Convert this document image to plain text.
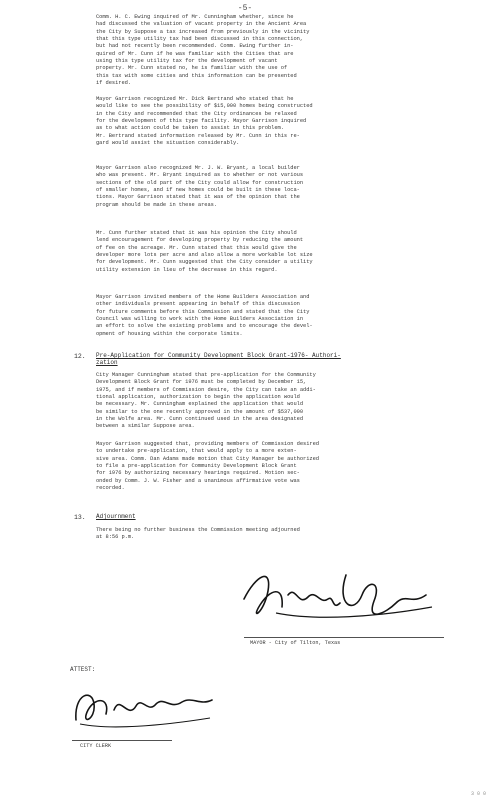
-5-
Comm. H. C. Ewing inquired of Mr. Cunningham whether, since he
had discussed the valuation of vacant property in the Ancient Area
the City by Suppose a tax increased from previously in the vicinity
that this type utility tax had been discussed in this connection,
but had not recently been recommended. Comm. Ewing further in-
quired of Mr. Cunn if he was familiar with the Cities that are
using this type utility tax for the development of vacant
property. Mr. Cunn stated no, he is familiar with the use of
this tax with some cities and this information can be presented
if desired.
Mayor Garrison recognized Mr. Dick Bertrand who stated that he
would like to see the possibility of $15,000 homes being constructed
in the City and recommended that the City ordinances be relaxed
for the development of this type facility. Mayor Garrison inquired
as to what action could be taken to assist in this problem.
Mr. Bertrand stated information released by Mr. Cunn in this re-
gard would assist the situation considerably.
Mayor Garrison also recognized Mr. J. W. Bryant, a local builder
who was present. Mr. Bryant inquired as to whether or not various
sections of the old part of the City could allow for construction
of smaller homes, and if new homes could be built in these loca-
tions. Mayor Garrison stated that it was of the opinion that the
program should be made in these areas.
Mr. Cunn further stated that it was his opinion the City should
lend encouragement for developing property by reducing the amount
of fee on the acreage. Mr. Cunn stated that this would give the
developer more lots per acre and also allow a more workable lot size
for development. Mr. Cunn suggested that the City consider a utility
utility extension in lieu of the decrease in this regard.
Mayor Garrison invited members of the Home Builders Association and
other individuals present appearing in behalf of this discussion
for future comments before this Commission and stated that the City
Council was willing to work with the Home Builders Association in
an effort to solve the existing problems and to encourage the devel-
opment of housing within the corporate limits.
12. Pre-Application for Community Development Block Grant-1976- Authori-
zation
City Manager Cunningham stated that pre-application for the Community
Development Block Grant for 1976 must be completed by December 15,
1975, and if members of Commission desire, the City can take an addi-
tional application, authorization to begin the application would
be necessary. Mr. Cunningham explained the application that would
be similar to the one recently approved in the amount of $537,000
in the Wolfe area. Mr. Cunn continued used in the area designated
between a similar Suppose area.
Mayor Garrison suggested that, providing members of Commission desired
to undertake pre-application, that would apply to a more exten-
sive area. Comm. Dan Adams made motion that City Manager be authorized
to file a pre-application for Community Development Block Grant
for 1976 by authorizing necessary hearings required. Motion sec-
onded by Comm. J. W. Fisher and a unanimous affirmative vote was
recorded.
13. Adjournment
There being no further business the Commission meeting adjourned
at 8:56 p.m.
MAYOR - City of Tilton, Texas
ATTEST:
CITY CLERK
3 0 0
